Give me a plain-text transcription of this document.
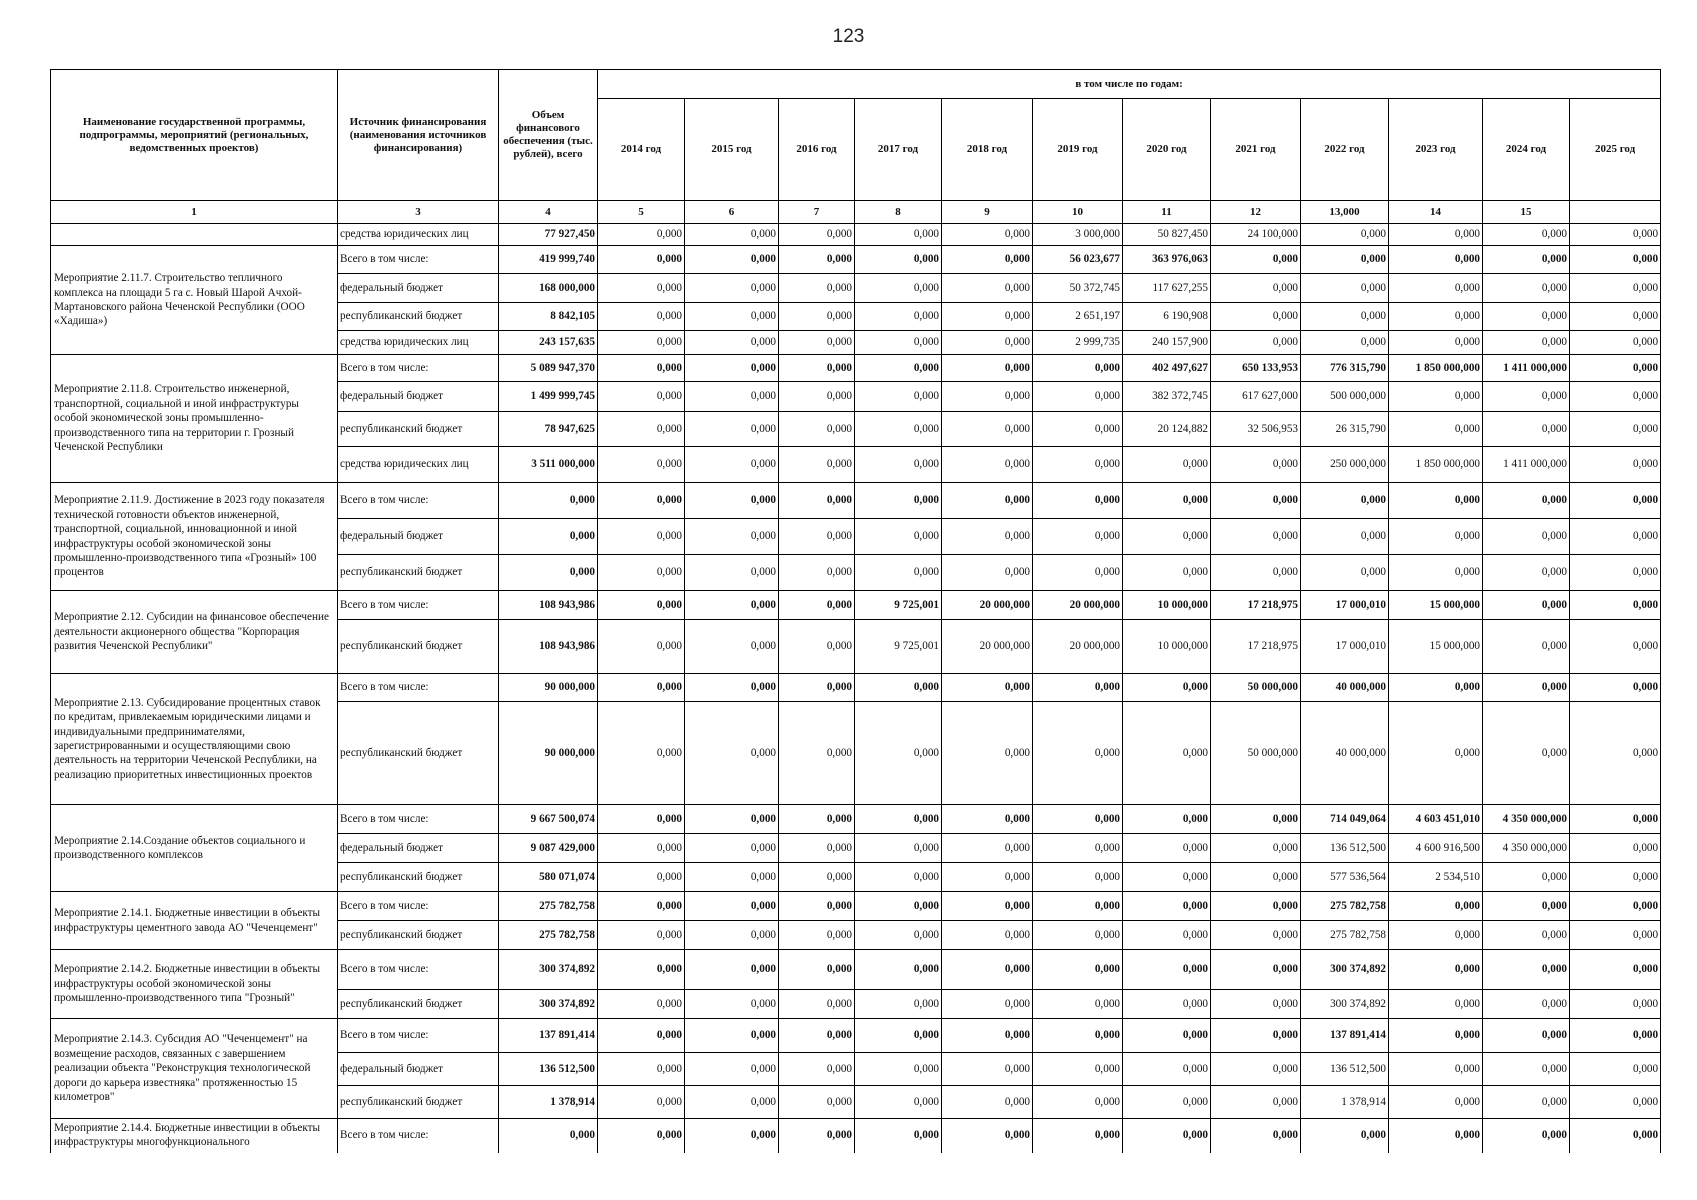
123
Наименование государственной программы, подпрограммы, мероприятий (региональных, ведомственных проектов)	Источник финансирования (наименования источников финансирования)	Объем финансового обеспечения (тыс. рублей), всего	в том числе по годам:											
			2014 год	2015 год	2016 год	2017 год	2018 год	2019 год	2020 год	2021 год	2022 год	2023 год	2024 год	2025 год
1	3	4	5	6	7	8	9	10	11	12	13,000	14	15	
	средства юридических лиц	77 927,450	0,000	0,000	0,000	0,000	0,000	3 000,000	50 827,450	24 100,000	0,000	0,000	0,000	0,000
Мероприятие 2.11.7. Строительство тепличного комплекса на площади 5 га с. Новый Шарой Ачхой-Мартановского района Чеченской Республики (ООО «Хадиша»)	Всего в том числе:	419 999,740	0,000	0,000	0,000	0,000	0,000	56 023,677	363 976,063	0,000	0,000	0,000	0,000	0,000
	федеральный бюджет	168 000,000	0,000	0,000	0,000	0,000	0,000	50 372,745	117 627,255	0,000	0,000	0,000	0,000	0,000
	республиканский бюджет	8 842,105	0,000	0,000	0,000	0,000	0,000	2 651,197	6 190,908	0,000	0,000	0,000	0,000	0,000
	средства юридических лиц	243 157,635	0,000	0,000	0,000	0,000	0,000	2 999,735	240 157,900	0,000	0,000	0,000	0,000	0,000
Мероприятие 2.11.8. Строительство инженерной, транспортной, социальной и иной инфраструктуры особой экономической зоны промышленно-производственного типа на территории г. Грозный Чеченской Республики	Всего в том числе:	5 089 947,370	0,000	0,000	0,000	0,000	0,000	0,000	402 497,627	650 133,953	776 315,790	1 850 000,000	1 411 000,000	0,000
	федеральный бюджет	1 499 999,745	0,000	0,000	0,000	0,000	0,000	0,000	382 372,745	617 627,000	500 000,000	0,000	0,000	0,000
	республиканский бюджет	78 947,625	0,000	0,000	0,000	0,000	0,000	0,000	20 124,882	32 506,953	26 315,790	0,000	0,000	0,000
	средства юридических лиц	3 511 000,000	0,000	0,000	0,000	0,000	0,000	0,000	0,000	0,000	250 000,000	1 850 000,000	1 411 000,000	0,000
Мероприятие 2.11.9. Достижение в 2023 году показателя технической готовности объектов инженерной, транспортной, социальной, инновационной и иной инфраструктуры особой экономической зоны промышленно-производственного типа «Грозный» 100 процентов	Всего в том числе:	0,000	0,000	0,000	0,000	0,000	0,000	0,000	0,000	0,000	0,000	0,000	0,000	0,000
	федеральный бюджет	0,000	0,000	0,000	0,000	0,000	0,000	0,000	0,000	0,000	0,000	0,000	0,000	0,000
	республиканский бюджет	0,000	0,000	0,000	0,000	0,000	0,000	0,000	0,000	0,000	0,000	0,000	0,000	0,000
Мероприятие 2.12. Субсидии на финансовое обеспечение деятельности акционерного общества "Корпорация развития Чеченской Республики"	Всего в том числе:	108 943,986	0,000	0,000	0,000	9 725,001	20 000,000	20 000,000	10 000,000	17 218,975	17 000,010	15 000,000	0,000	0,000
	республиканский бюджет	108 943,986	0,000	0,000	0,000	9 725,001	20 000,000	20 000,000	10 000,000	17 218,975	17 000,010	15 000,000	0,000	0,000
Мероприятие 2.13. Субсидирование процентных ставок по кредитам, привлекаемым юридическими лицами и индивидуальными предпринимателями, зарегистрированными и осуществляющими свою деятельность на территории Чеченской Республики, на реализацию приоритетных инвестиционных проектов	Всего в том числе:	90 000,000	0,000	0,000	0,000	0,000	0,000	0,000	0,000	50 000,000	40 000,000	0,000	0,000	0,000
	республиканский бюджет	90 000,000	0,000	0,000	0,000	0,000	0,000	0,000	0,000	50 000,000	40 000,000	0,000	0,000	0,000
Мероприятие 2.14.Создание объектов социального и производственного комплексов	Всего в том числе:	9 667 500,074	0,000	0,000	0,000	0,000	0,000	0,000	0,000	0,000	714 049,064	4 603 451,010	4 350 000,000	0,000
	федеральный бюджет	9 087 429,000	0,000	0,000	0,000	0,000	0,000	0,000	0,000	0,000	136 512,500	4 600 916,500	4 350 000,000	0,000
	республиканский бюджет	580 071,074	0,000	0,000	0,000	0,000	0,000	0,000	0,000	0,000	577 536,564	2 534,510	0,000	0,000
Мероприятие 2.14.1. Бюджетные инвестиции в объекты инфраструктуры цементного завода АО "Чеченцемент"	Всего в том числе:	275 782,758	0,000	0,000	0,000	0,000	0,000	0,000	0,000	0,000	275 782,758	0,000	0,000	0,000
	республиканский бюджет	275 782,758	0,000	0,000	0,000	0,000	0,000	0,000	0,000	0,000	275 782,758	0,000	0,000	0,000
Мероприятие 2.14.2. Бюджетные инвестиции в объекты инфраструктуры особой экономической зоны промышленно-производственного типа "Грозный"	Всего в том числе:	300 374,892	0,000	0,000	0,000	0,000	0,000	0,000	0,000	0,000	300 374,892	0,000	0,000	0,000
	республиканский бюджет	300 374,892	0,000	0,000	0,000	0,000	0,000	0,000	0,000	0,000	300 374,892	0,000	0,000	0,000
Мероприятие 2.14.3. Субсидия АО "Чеченцемент" на возмещение расходов, связанных с завершением реализации объекта "Реконструкция технологической дороги до карьера известняка" протяженностью 15 километров"	Всего в том числе:	137 891,414	0,000	0,000	0,000	0,000	0,000	0,000	0,000	0,000	137 891,414	0,000	0,000	0,000
	федеральный бюджет	136 512,500	0,000	0,000	0,000	0,000	0,000	0,000	0,000	0,000	136 512,500	0,000	0,000	0,000
	республиканский бюджет	1 378,914	0,000	0,000	0,000	0,000	0,000	0,000	0,000	0,000	1 378,914	0,000	0,000	0,000

Мероприятие 2.14.4. Бюджетные инвестиции в объекты инфраструктуры многофункционального	Всего в том числе:	0,000	0,000	0,000	0,000	0,000	0,000	0,000	0,000	0,000	0,000	0,000	0,000	0,000
